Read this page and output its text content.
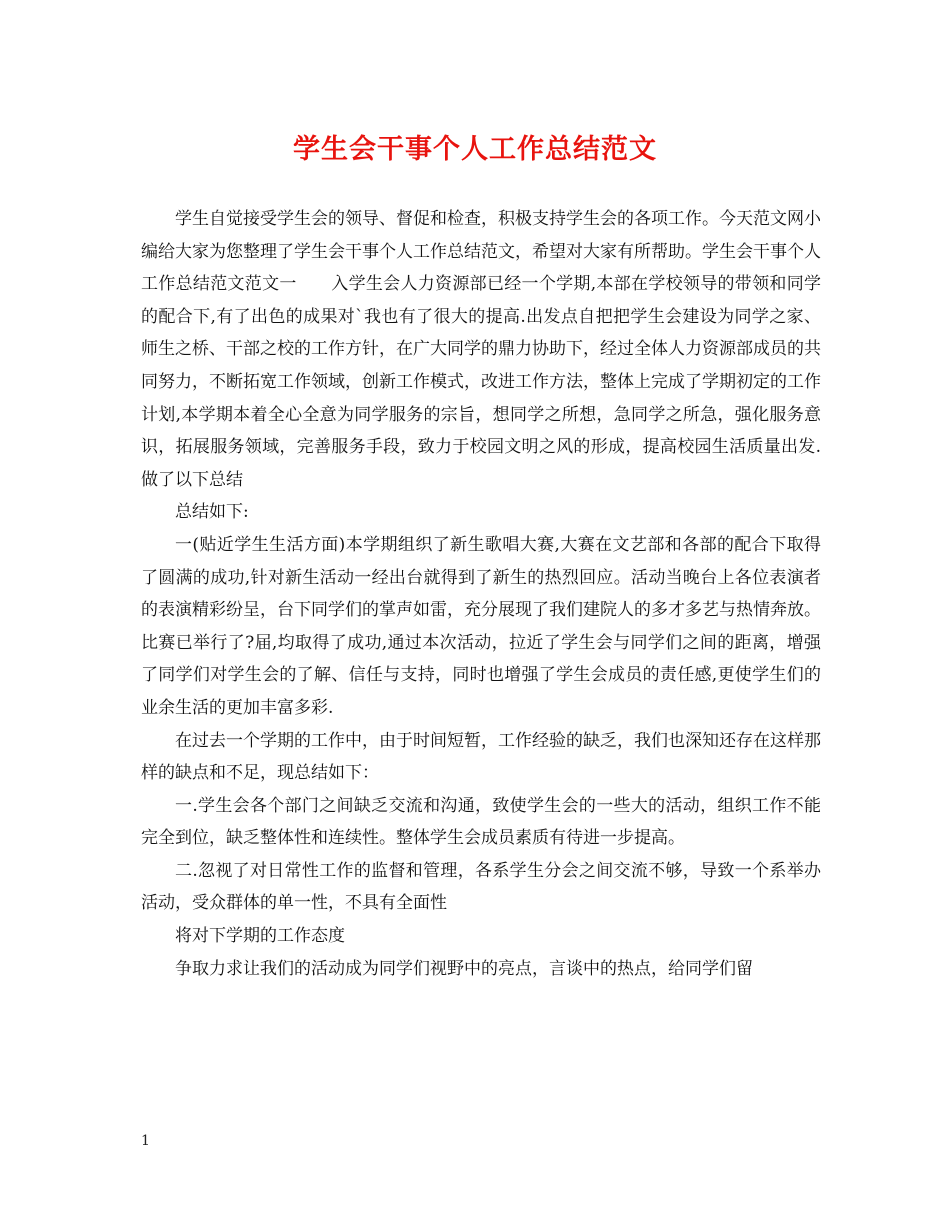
学生会干事个人工作总结范文

学生自觉接受学生会的领导、督促和检查，积极支持学生会的各项工作。今天范文网小编给大家为您整理了学生会干事个人工作总结范文，希望对大家有所帮助。学生会干事个人工作总结范文范文一　　入学生会人力资源部已经一个学期,本部在学校领导的带领和同学的配合下,有了出色的成果对`我也有了很大的提高.出发点自把把学生会建设为同学之家、师生之桥、干部之校的工作方针，在广大同学的鼎力协助下，经过全体人力资源部成员的共同努力，不断拓宽工作领域，创新工作模式，改进工作方法，整体上完成了学期初定的工作计划,本学期本着全心全意为同学服务的宗旨，想同学之所想，急同学之所急，强化服务意识，拓展服务领域，完善服务手段，致力于校园文明之风的形成，提高校园生活质量出发.做了以下总结

总结如下:

一(贴近学生生活方面)本学期组织了新生歌唱大赛,大赛在文艺部和各部的配合下取得了圆满的成功,针对新生活动一经出台就得到了新生的热烈回应。活动当晚台上各位表演者的表演精彩纷呈，台下同学们的掌声如雷，充分展现了我们建院人的多才多艺与热情奔放。比赛已举行了?届,均取得了成功,通过本次活动，拉近了学生会与同学们之间的距离，增强了同学们对学生会的了解、信任与支持，同时也增强了学生会成员的责任感,更使学生们的业余生活的更加丰富多彩.

在过去一个学期的工作中，由于时间短暂，工作经验的缺乏，我们也深知还存在这样那样的缺点和不足，现总结如下：

一.学生会各个部门之间缺乏交流和沟通，致使学生会的一些大的活动，组织工作不能完全到位，缺乏整体性和连续性。整体学生会成员素质有待进一步提高。

二.忽视了对日常性工作的监督和管理，各系学生分会之间交流不够，导致一个系举办活动，受众群体的单一性，不具有全面性

将对下学期的工作态度

争取力求让我们的活动成为同学们视野中的亮点，言谈中的热点，给同学们留

1
